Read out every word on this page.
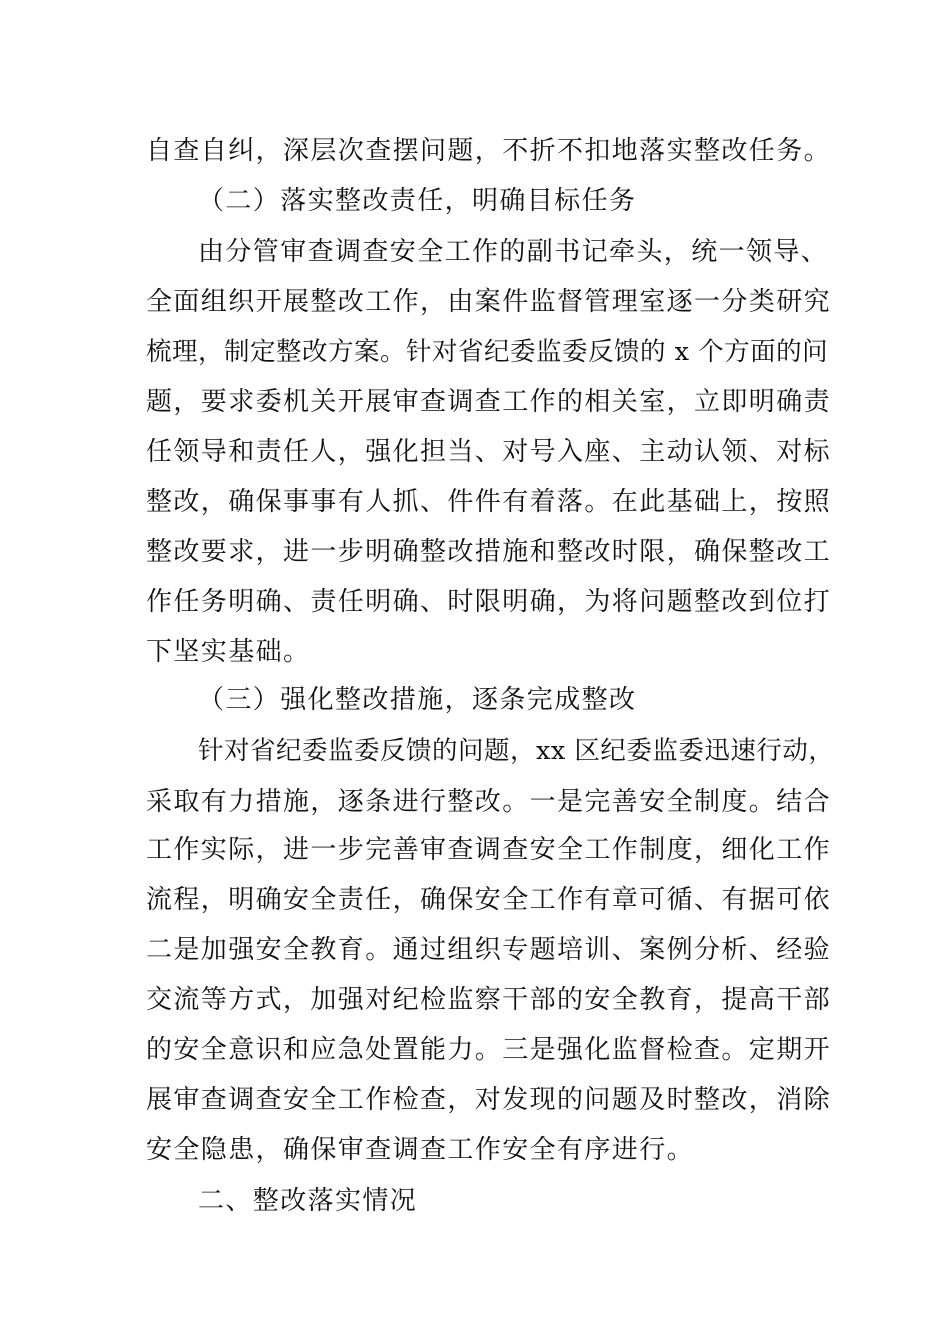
自查自纠，深层次查摆问题，不折不扣地落实整改任务。
（二）落实整改责任，明确目标任务
由分管审查调查安全工作的副书记牵头，统一领导、
全面组织开展整改工作，由案件监督管理室逐一分类研究
梳理，制定整改方案。针对省纪委监委反馈的 x 个方面的问
题，要求委机关开展审查调查工作的相关室，立即明确责
任领导和责任人，强化担当、对号入座、主动认领、对标
整改，确保事事有人抓、件件有着落。在此基础上，按照
整改要求，进一步明确整改措施和整改时限，确保整改工
作任务明确、责任明确、时限明确，为将问题整改到位打
下坚实基础。
（三）强化整改措施，逐条完成整改
针对省纪委监委反馈的问题，xx 区纪委监委迅速行动，
采取有力措施，逐条进行整改。一是完善安全制度。结合
工作实际，进一步完善审查调查安全工作制度，细化工作
流程，明确安全责任，确保安全工作有章可循、有据可依
二是加强安全教育。通过组织专题培训、案例分析、经验
交流等方式，加强对纪检监察干部的安全教育，提高干部
的安全意识和应急处置能力。三是强化监督检查。定期开
展审查调查安全工作检查，对发现的问题及时整改，消除
安全隐患，确保审查调查工作安全有序进行。
二、整改落实情况
